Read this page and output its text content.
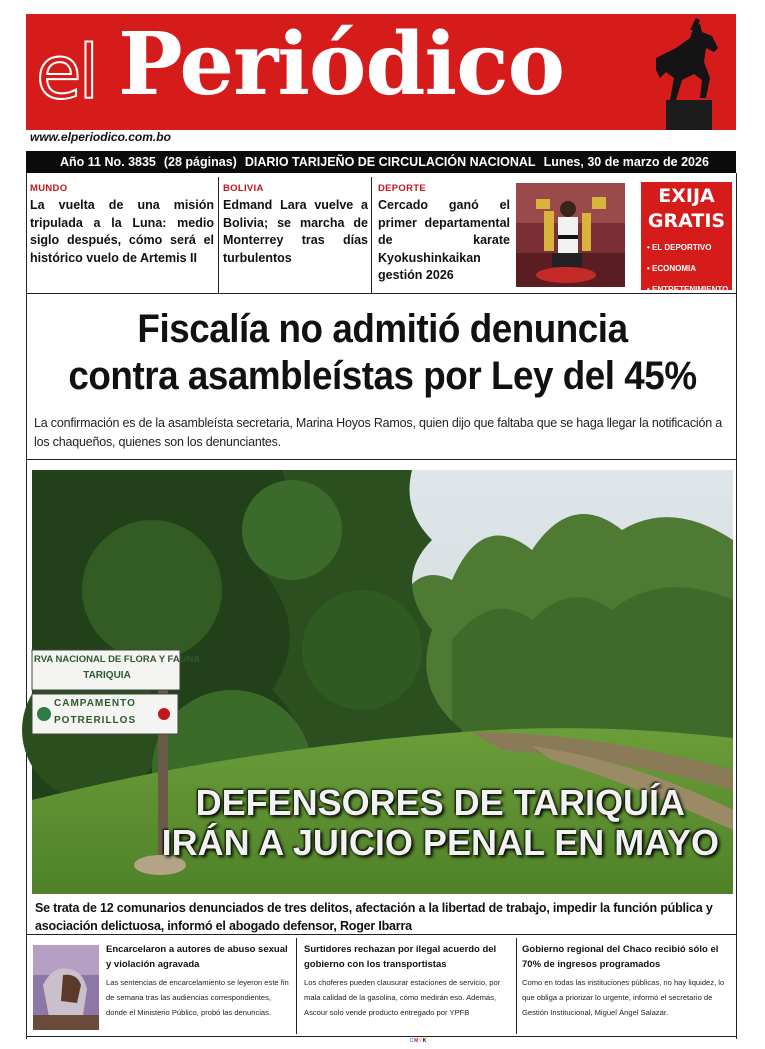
el Periódico
www.elperiodico.com.bo
Año 11 No. 3835 (28 páginas) DIARIO TARIJEÑO DE CIRCULACIÓN NACIONAL Lunes, 30 de marzo de 2026
MUNDO
La vuelta de una misión tripulada a la Luna: medio siglo después, cómo será el histórico vuelo de Artemis II
BOLIVIA
Edmand Lara vuelve a Bolivia; se marcha de Monterrey tras días turbulentos
DEPORTE
Cercado ganó el primer departamental de karate Kyokushinkaikan gestión 2026
EXIJA
GRATIS
• EL DEPORTIVO
• ECONOMIA
• ENTRETENIMIENTO
Fiscalía no admitió denuncia
contra asambleístas por Ley del 45%
La confirmación es de la asambleísta secretaria, Marina Hoyos Ramos, quien dijo que faltaba que se haga llegar la notificación a los chaqueños, quienes son los denunciantes.
RVA NACIONAL DE FLORA Y FAUNA
TARIQUIA
CAMPAMENTO
POTRERILLOS
DEFENSORES DE TARIQUÍA
IRÁN A JUICIO PENAL EN MAYO
Se trata de 12 comunarios denunciados de tres delitos, afectación a la libertad de trabajo, impedir la función pública y asociación delictuosa, informó el abogado defensor, Roger Ibarra
Encarcelaron a autores de abuso sexual y violación agravada
Las sentencias de encarcelamiento se leyeron este fin de semana tras las audiencias correspondientes, donde el Ministerio Público, probó las denuncias.
Surtidores rechazan por ilegal acuerdo del gobierno con los transportistas
Los choferes pueden clausurar estaciones de servicio, por mala calidad de la gasolina, cómo medirán eso. Además, Ascour solo vende producto entregado por YPFB
Gobierno regional del Chaco recibió sólo el 70% de ingresos programados
Como en todas las instituciones públicas, no hay liquidez, lo que obliga a priorizar lo urgente, informó el secretario de Gestión Institucional, Miguel Ángel Salazar.
CMYK
